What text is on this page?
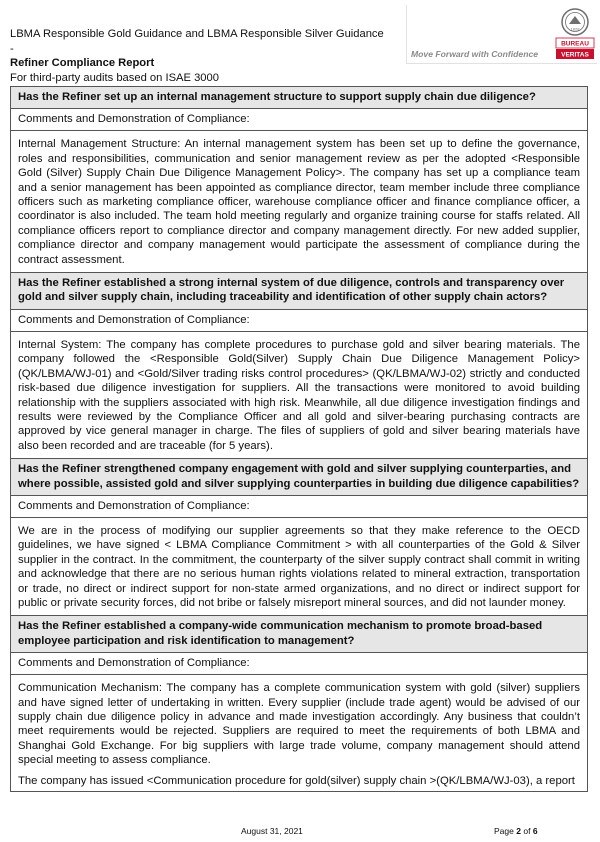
LBMA Responsible Gold Guidance and LBMA Responsible Silver Guidance -
Refiner Compliance Report
For third-party audits based on ISAE 3000
Move Forward with Confidence
1828
BUREAU
VERITAS
Has the Refiner set up an internal management structure to support supply chain due diligence?
Comments and Demonstration of Compliance:

Internal Management Structure: An internal management system has been set up to define the governance, roles and responsibilities, communication and senior management review as per the adopted <Responsible Gold (Silver) Supply Chain Due Diligence Management Policy>. The company has set up a compliance team and a senior management has been appointed as compliance director, team member include three compliance officers such as marketing compliance officer, warehouse compliance officer and finance compliance officer, a coordinator is also included. The team hold meeting regularly and organize training course for staffs related. All compliance officers report to compliance director and company management directly. For new added supplier, compliance director and company management would participate the assessment of compliance during the contract assessment.

Has the Refiner established a strong internal system of due diligence, controls and transparency over gold and silver supply chain, including traceability and identification of other supply chain actors?
Comments and Demonstration of Compliance:

Internal System: The company has complete procedures to purchase gold and silver bearing materials. The company followed the <Responsible Gold(Silver) Supply Chain Due Diligence Management Policy>(QK/LBMA/WJ-01) and <Gold/Silver trading risks control procedures> (QK/LBMA/WJ-02) strictly and conducted risk-based due diligence investigation for suppliers. All the transactions were monitored to avoid building relationship with the suppliers associated with high risk. Meanwhile, all due diligence investigation findings and results were reviewed by the Compliance Officer and all gold and silver-bearing purchasing contracts are approved by vice general manager in charge. The files of suppliers of gold and silver bearing materials have also been recorded and are traceable (for 5 years).

Has the Refiner strengthened company engagement with gold and silver supplying counterparties, and where possible, assisted gold and silver supplying counterparties in building due diligence capabilities?
Comments and Demonstration of Compliance:

We are in the process of modifying our supplier agreements so that they make reference to the OECD guidelines, we have signed < LBMA Compliance Commitment > with all counterparties of the Gold & Silver supplier in the contract. In the commitment, the counterparty of the silver supply contract shall commit in writing and acknowledge that there are no serious human rights violations related to mineral extraction, transportation or trade, no direct or indirect support for non-state armed organizations, and no direct or indirect support for public or private security forces, did not bribe or falsely misreport mineral sources, and did not launder money.

Has the Refiner established a company-wide communication mechanism to promote broad-based employee participation and risk identification to management?
Comments and Demonstration of Compliance:

Communication Mechanism: The company has a complete communication system with gold (silver) suppliers and have signed letter of undertaking in written. Every supplier (include trade agent) would be advised of our supply chain due diligence policy in advance and made investigation accordingly. Any business that couldn’t meet requirements would be rejected. Suppliers are required to meet the requirements of both LBMA and Shanghai Gold Exchange. For big suppliers with large trade volume, company management should attend special meeting to assess compliance.

The company has issued <Communication procedure for gold(silver) supply chain >(QK/LBMA/WJ-03), a report

August 31, 2021	Page 2 of 6
